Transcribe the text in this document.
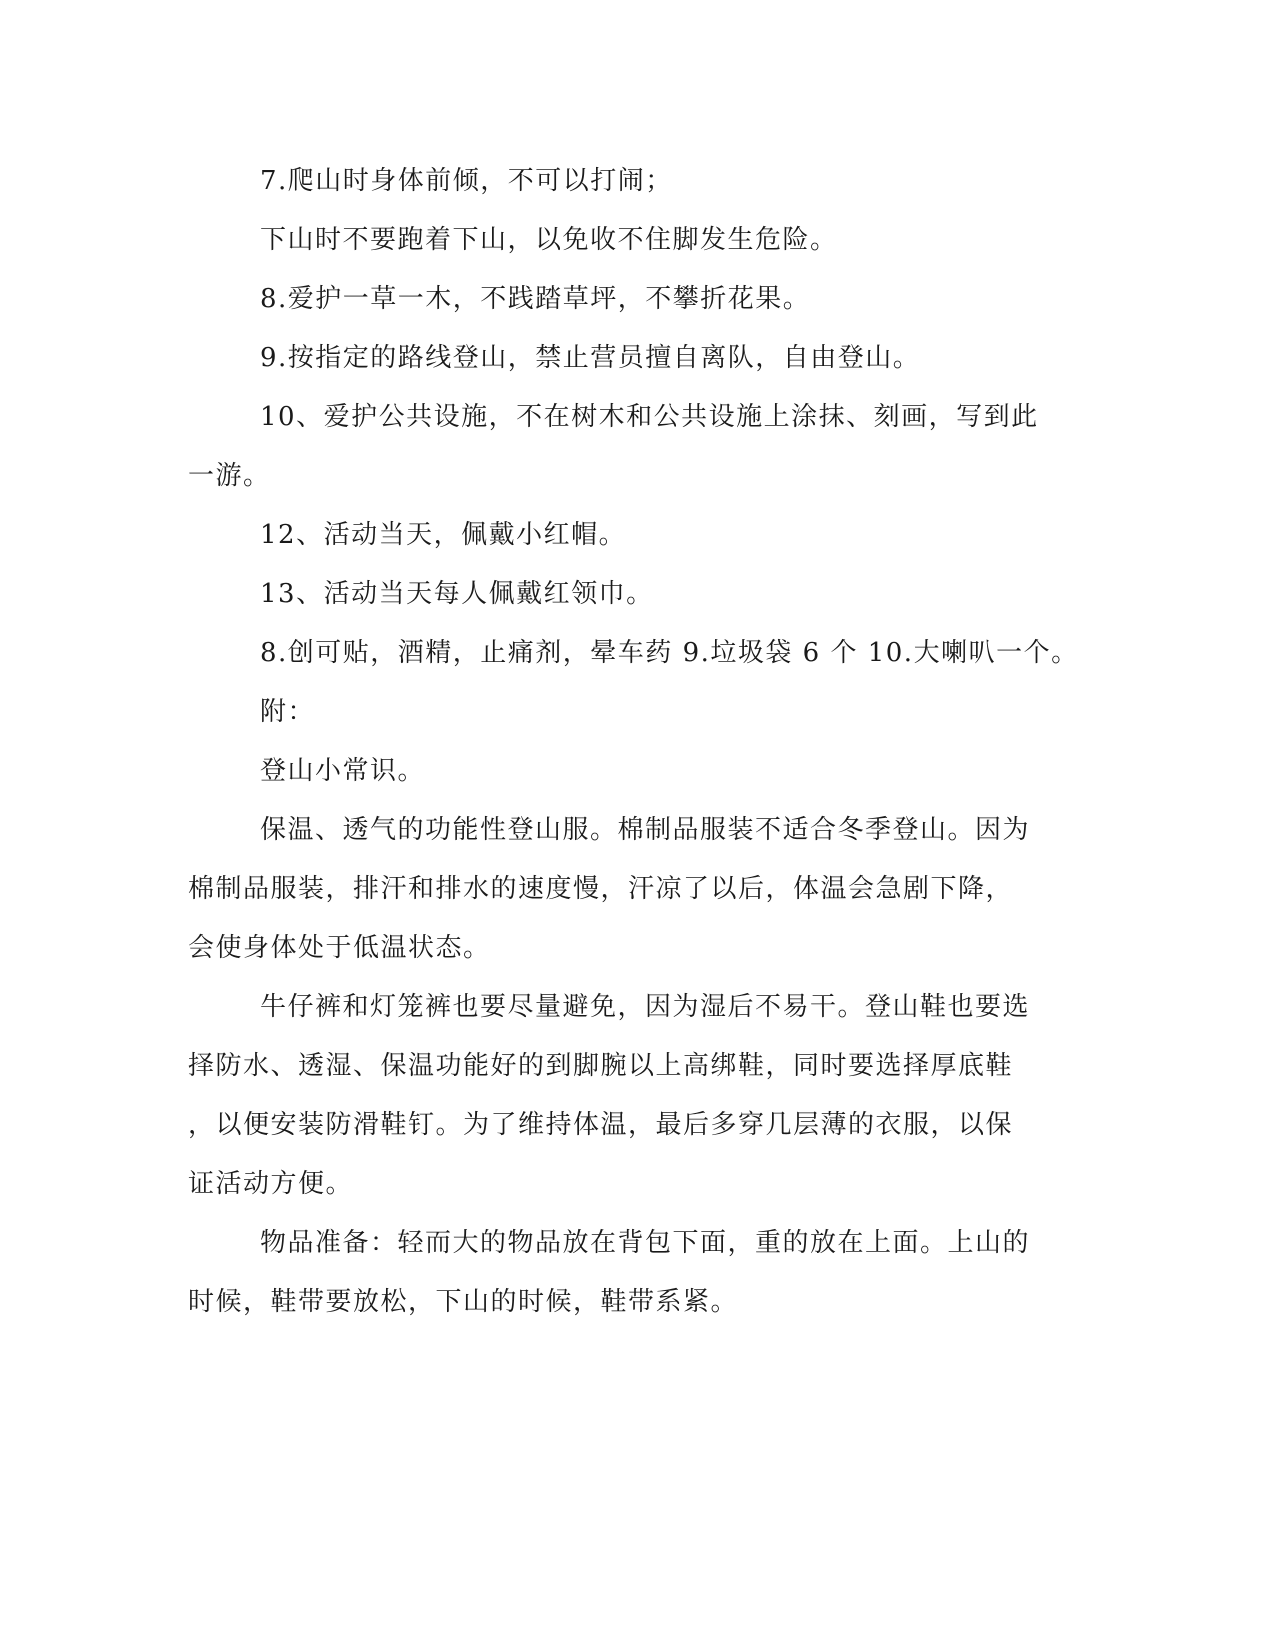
7.爬山时身体前倾，不可以打闹；

下山时不要跑着下山，以免收不住脚发生危险。

8.爱护一草一木，不践踏草坪，不攀折花果。

9.按指定的路线登山，禁止营员擅自离队，自由登山。

10、爱护公共设施，不在树木和公共设施上涂抹、刻画，写到此

一游。

12、活动当天，佩戴小红帽。

13、活动当天每人佩戴红领巾。

8.创可贴，酒精，止痛剂，晕车药 9.垃圾袋 6 个 10.大喇叭一个。

附：

登山小常识。

保温、透气的功能性登山服。棉制品服装不适合冬季登山。因为

棉制品服装，排汗和排水的速度慢，汗凉了以后，体温会急剧下降，

会使身体处于低温状态。

牛仔裤和灯笼裤也要尽量避免，因为湿后不易干。登山鞋也要选

择防水、透湿、保温功能好的到脚腕以上高绑鞋，同时要选择厚底鞋

，以便安装防滑鞋钉。为了维持体温，最后多穿几层薄的衣服，以保

证活动方便。

物品准备：轻而大的物品放在背包下面，重的放在上面。上山的

时候，鞋带要放松，下山的时候，鞋带系紧。
